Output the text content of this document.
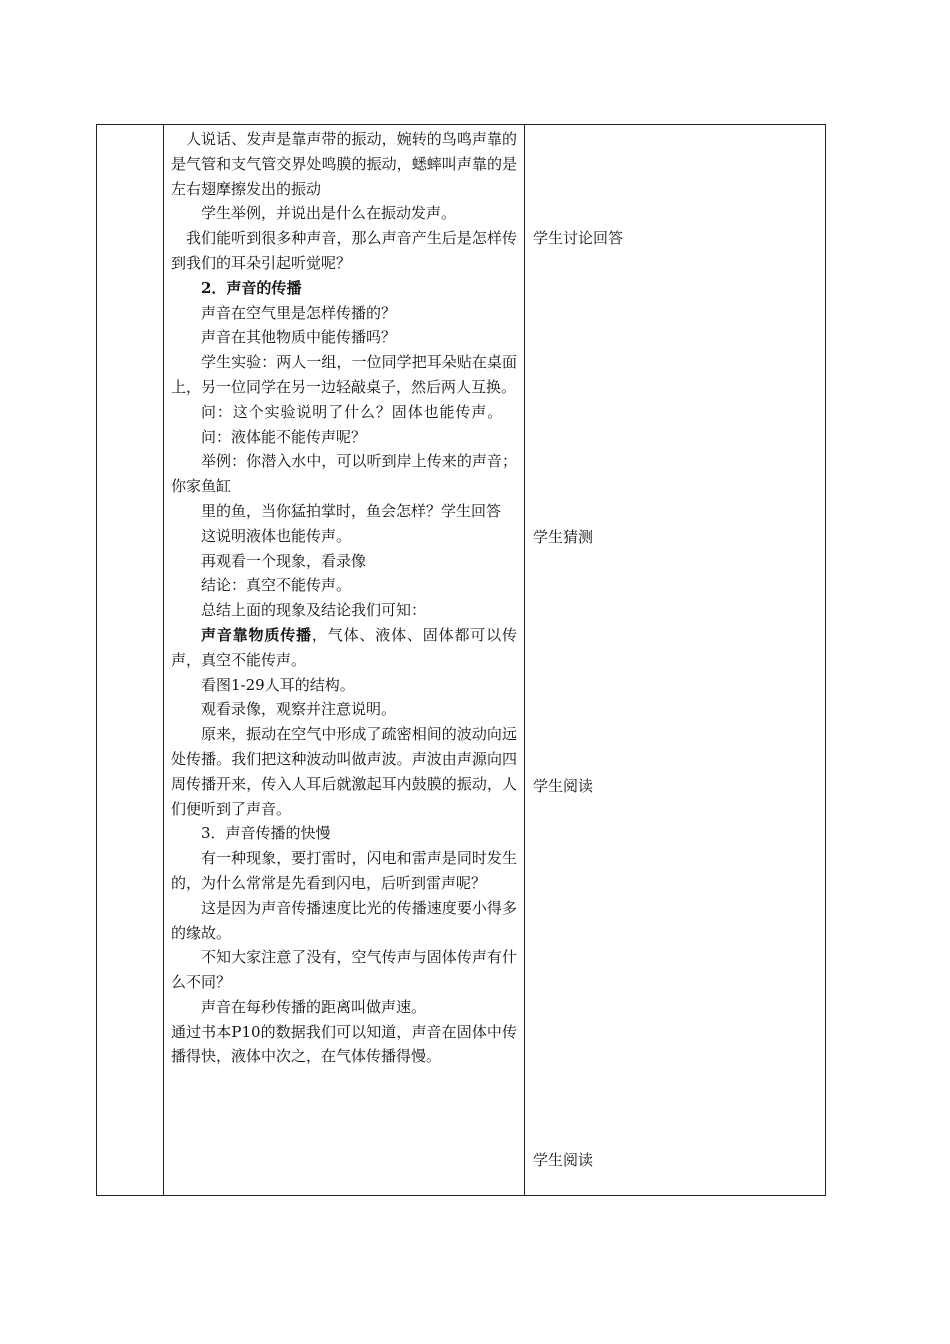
人说话、发声是靠声带的振动，婉转的鸟鸣声靠的是气管和支气管交界处鸣膜的振动，蟋蟀叫声靠的是左右翅摩擦发出的振动

学生举例，并说出是什么在振动发声。

我们能听到很多种声音，那么声音产生后是怎样传到我们的耳朵引起听觉呢？

2．声音的传播

声音在空气里是怎样传播的？

声音在其他物质中能传播吗？

学生实验：两人一组，一位同学把耳朵贴在桌面上，另一位同学在另一边轻敲桌子，然后两人互换。

问：这个实验说明了什么？固体也能传声。

问：液体能不能传声呢？

举例：你潜入水中，可以听到岸上传来的声音；你家鱼缸

里的鱼，当你猛拍掌时，鱼会怎样？学生回答

这说明液体也能传声。

再观看一个现象，看录像

结论：真空不能传声。

总结上面的现象及结论我们可知：

声音靠物质传播，气体、液体、固体都可以传声，真空不能传声。

看图1-29人耳的结构。

观看录像，观察并注意说明。

原来，振动在空气中形成了疏密相间的波动向远处传播。我们把这种波动叫做声波。声波由声源向四周传播开来，传入人耳后就激起耳内鼓膜的振动，人们便听到了声音。

3．声音传播的快慢

有一种现象，要打雷时，闪电和雷声是同时发生的，为什么常常是先看到闪电，后听到雷声呢？

这是因为声音传播速度比光的传播速度要小得多的缘故。

不知大家注意了没有，空气传声与固体传声有什么不同？

声音在每秒传播的距离叫做声速。

通过书本P10的数据我们可以知道，声音在固体中传播得快，液体中次之，在气体传播得慢。

学生讨论回答
学生猜测
学生阅读
学生阅读
